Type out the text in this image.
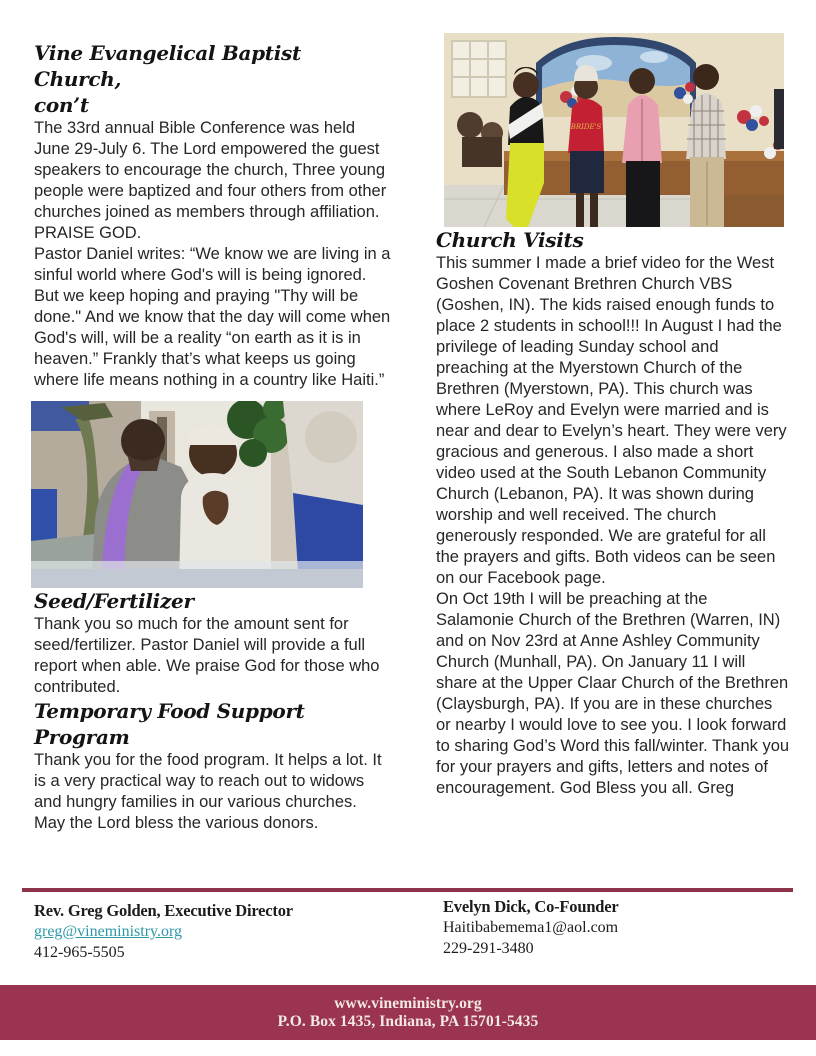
Vine Evangelical Baptist Church,
con’t

The 33rd annual Bible Conference was held June 29-July 6. The Lord empowered the guest speakers to encourage the church, Three young people were baptized and four others from other churches joined as members through affiliation. PRAISE GOD.

Pastor Daniel writes: “We know we are living in a sinful world where God's will is being ignored. But we keep hoping and praying "Thy will be done." And we know that the day will come when God's will, will be a reality “on earth as it is in heaven.” Frankly that’s what keeps us going where life means nothing in a country like Haiti.”

Seed/Fertilizer

Thank you so much for the amount sent for seed/fertilizer. Pastor Daniel will provide a full report when able. We praise God for those who contributed.

Temporary Food Support Program

Thank you for the food program. It helps a lot. It is a very practical way to reach out to widows and hungry families in our various churches. May the Lord bless the various donors.

BRIDE'S
Church Visits

This summer I made a brief video for the West Goshen Covenant Brethren Church VBS (Goshen, IN). The kids raised enough funds to place 2 students in school!!! In August I had the privilege of leading Sunday school and preaching at the Myerstown Church of the Brethren (Myerstown, PA). This church was where LeRoy and Evelyn were married and is near and dear to Evelyn’s heart. They were very gracious and generous. I also made a short video used at the South Lebanon Community Church (Lebanon, PA). It was shown during worship and well received. The church generously responded. We are grateful for all the prayers and gifts. Both videos can be seen on our Facebook page.

On Oct 19th I will be preaching at the Salamonie Church of the Brethren (Warren, IN) and on Nov 23rd at Anne Ashley Community Church (Munhall, PA). On January 11 I will share at the Upper Claar Church of the Brethren (Claysburgh, PA). If you are in these churches or nearby I would love to see you. I look forward to sharing God’s Word this fall/winter. Thank you for your prayers and gifts, letters and notes of encouragement. God Bless you all. Greg

Rev. Greg Golden, Executive Director
greg@vineministry.org
412-965-5505
Evelyn Dick, Co-Founder
Haitibabemema1@aol.com
229-291-3480
www.vineministry.org
P.O. Box 1435, Indiana, PA 15701-5435
